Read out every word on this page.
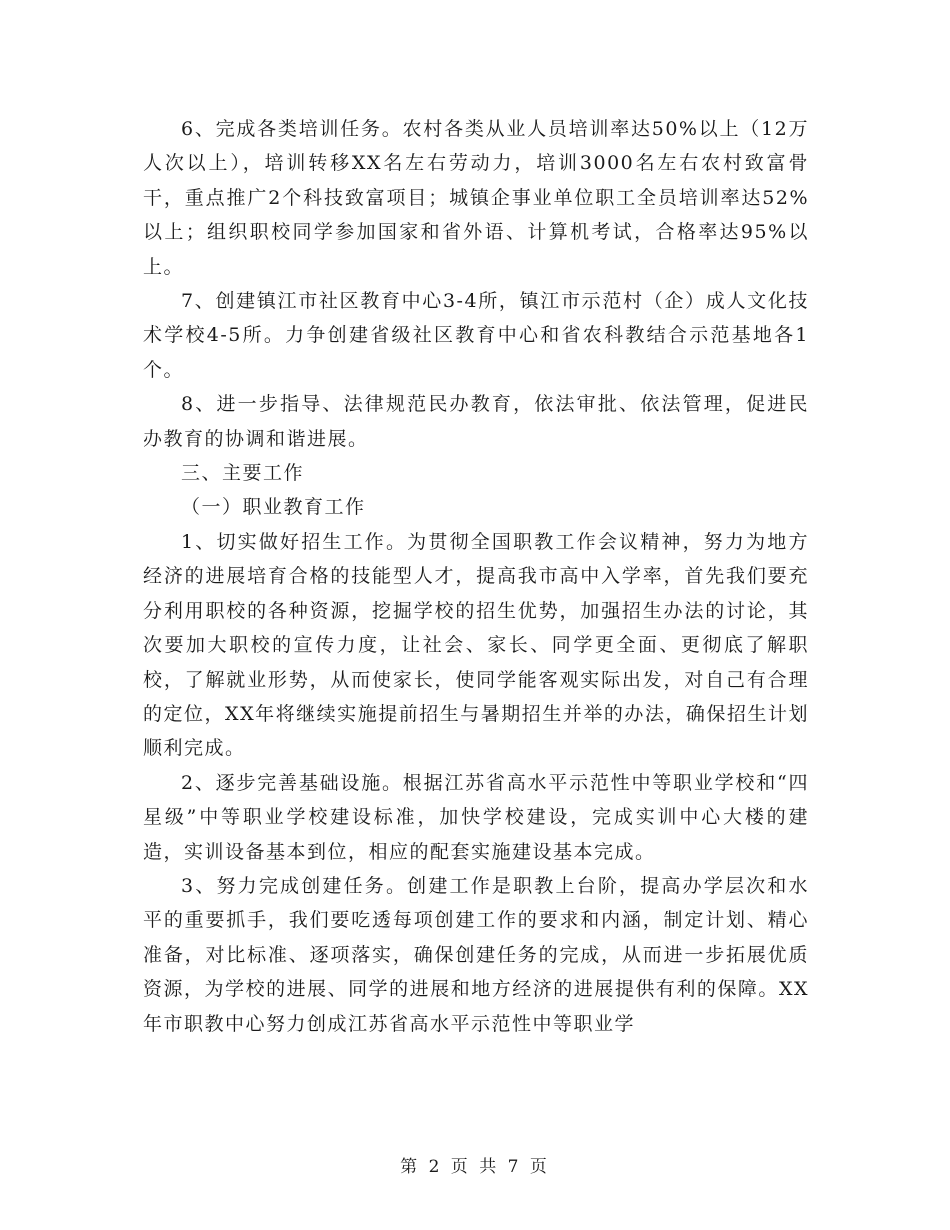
6、完成各类培训任务。农村各类从业人员培训率达50%以上（12万人次以上），培训转移XX名左右劳动力，培训3000名左右农村致富骨干，重点推广2个科技致富项目；城镇企事业单位职工全员培训率达52%以上；组织职校同学参加国家和省外语、计算机考试，合格率达95%以上。

7、创建镇江市社区教育中心3-4所，镇江市示范村（企）成人文化技术学校4-5所。力争创建省级社区教育中心和省农科教结合示范基地各1个。

8、进一步指导、法律规范民办教育，依法审批、依法管理，促进民办教育的协调和谐进展。

三、主要工作

（一）职业教育工作

1、切实做好招生工作。为贯彻全国职教工作会议精神，努力为地方经济的进展培育合格的技能型人才，提高我市高中入学率，首先我们要充分利用职校的各种资源，挖掘学校的招生优势，加强招生办法的讨论，其次要加大职校的宣传力度，让社会、家长、同学更全面、更彻底了解职校，了解就业形势，从而使家长，使同学能客观实际出发，对自己有合理的定位，XX年将继续实施提前招生与暑期招生并举的办法，确保招生计划顺利完成。

2、逐步完善基础设施。根据江苏省高水平示范性中等职业学校和“四星级”中等职业学校建设标准，加快学校建设，完成实训中心大楼的建造，实训设备基本到位，相应的配套实施建设基本完成。

3、努力完成创建任务。创建工作是职教上台阶，提高办学层次和水平的重要抓手，我们要吃透每项创建工作的要求和内涵，制定计划、精心准备，对比标准、逐项落实，确保创建任务的完成，从而进一步拓展优质资源，为学校的进展、同学的进展和地方经济的进展提供有利的保障。XX年市职教中心努力创成江苏省高水平示范性中等职业学

第 2 页 共 7 页
